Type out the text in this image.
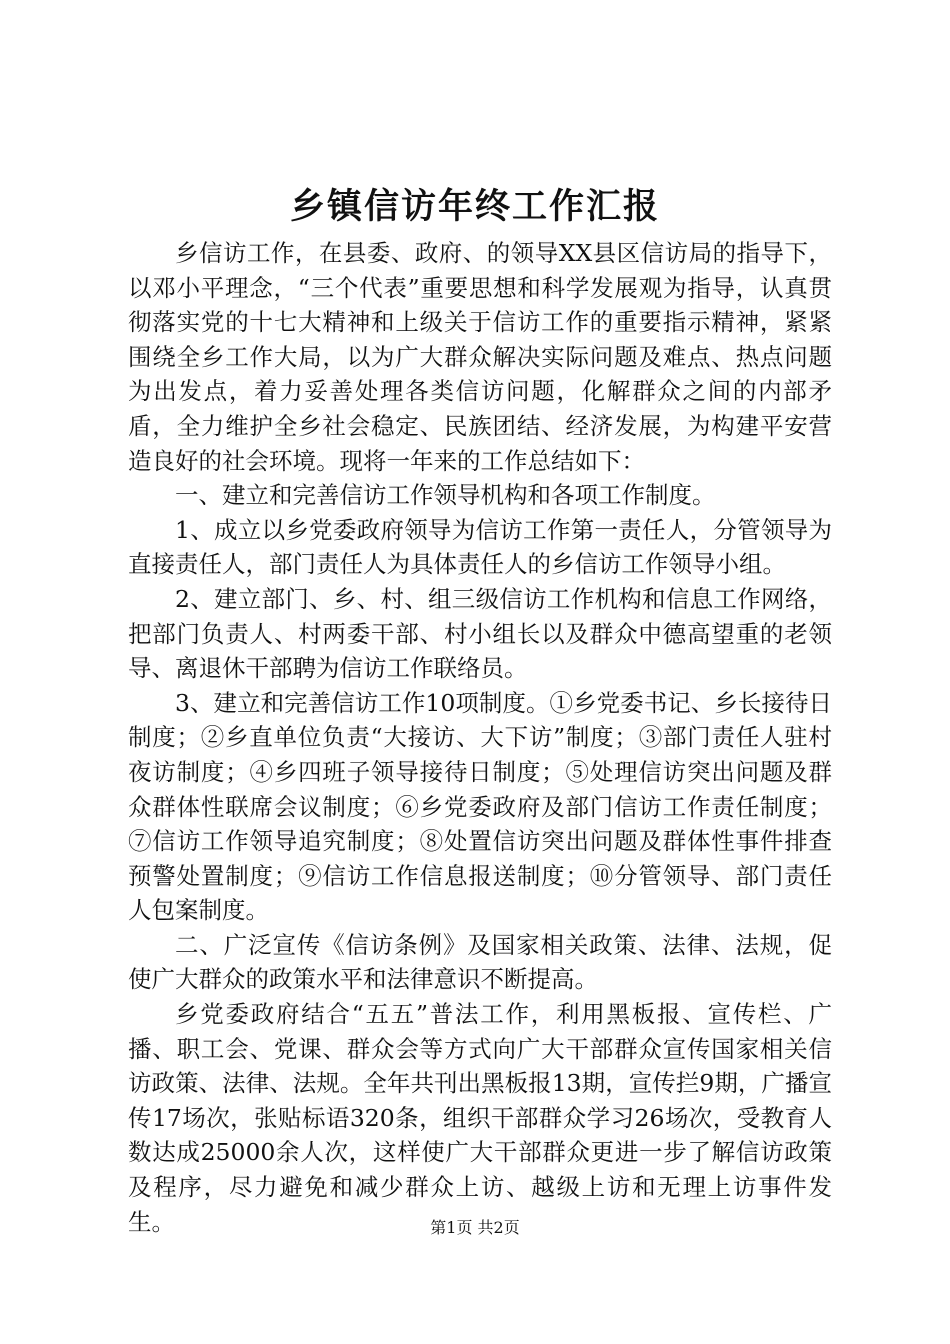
乡镇信访年终工作汇报

乡信访工作，在县委、政府、的领导XX县区信访局的指导下，以邓小平理念，“三个代表”重要思想和科学发展观为指导，认真贯彻落实党的十七大精神和上级关于信访工作的重要指示精神，紧紧围绕全乡工作大局，以为广大群众解决实际问题及难点、热点问题为出发点，着力妥善处理各类信访问题，化解群众之间的内部矛盾，全力维护全乡社会稳定、民族团结、经济发展，为构建平安营造良好的社会环境。现将一年来的工作总结如下：

一、建立和完善信访工作领导机构和各项工作制度。

1、成立以乡党委政府领导为信访工作第一责任人，分管领导为直接责任人，部门责任人为具体责任人的乡信访工作领导小组。

2、建立部门、乡、村、组三级信访工作机构和信息工作网络，把部门负责人、村两委干部、村小组长以及群众中德高望重的老领导、离退休干部聘为信访工作联络员。

3、建立和完善信访工作10项制度。①乡党委书记、乡长接待日制度；②乡直单位负责“大接访、大下访”制度；③部门责任人驻村夜访制度；④乡四班子领导接待日制度；⑤处理信访突出问题及群众群体性联席会议制度；⑥乡党委政府及部门信访工作责任制度；⑦信访工作领导追究制度；⑧处置信访突出问题及群体性事件排查预警处置制度；⑨信访工作信息报送制度；⑩分管领导、部门责任人包案制度。

二、广泛宣传《信访条例》及国家相关政策、法律、法规，促使广大群众的政策水平和法律意识不断提高。

乡党委政府结合“五五”普法工作，利用黑板报、宣传栏、广播、职工会、党课、群众会等方式向广大干部群众宣传国家相关信访政策、法律、法规。全年共刊出黑板报13期，宣传拦9期，广播宣传17场次，张贴标语320条，组织干部群众学习26场次，受教育人数达成25000余人次，这样使广大干部群众更进一步了解信访政策及程序，尽力避免和减少群众上访、越级上访和无理上访事件发生。	第1页 共2页
